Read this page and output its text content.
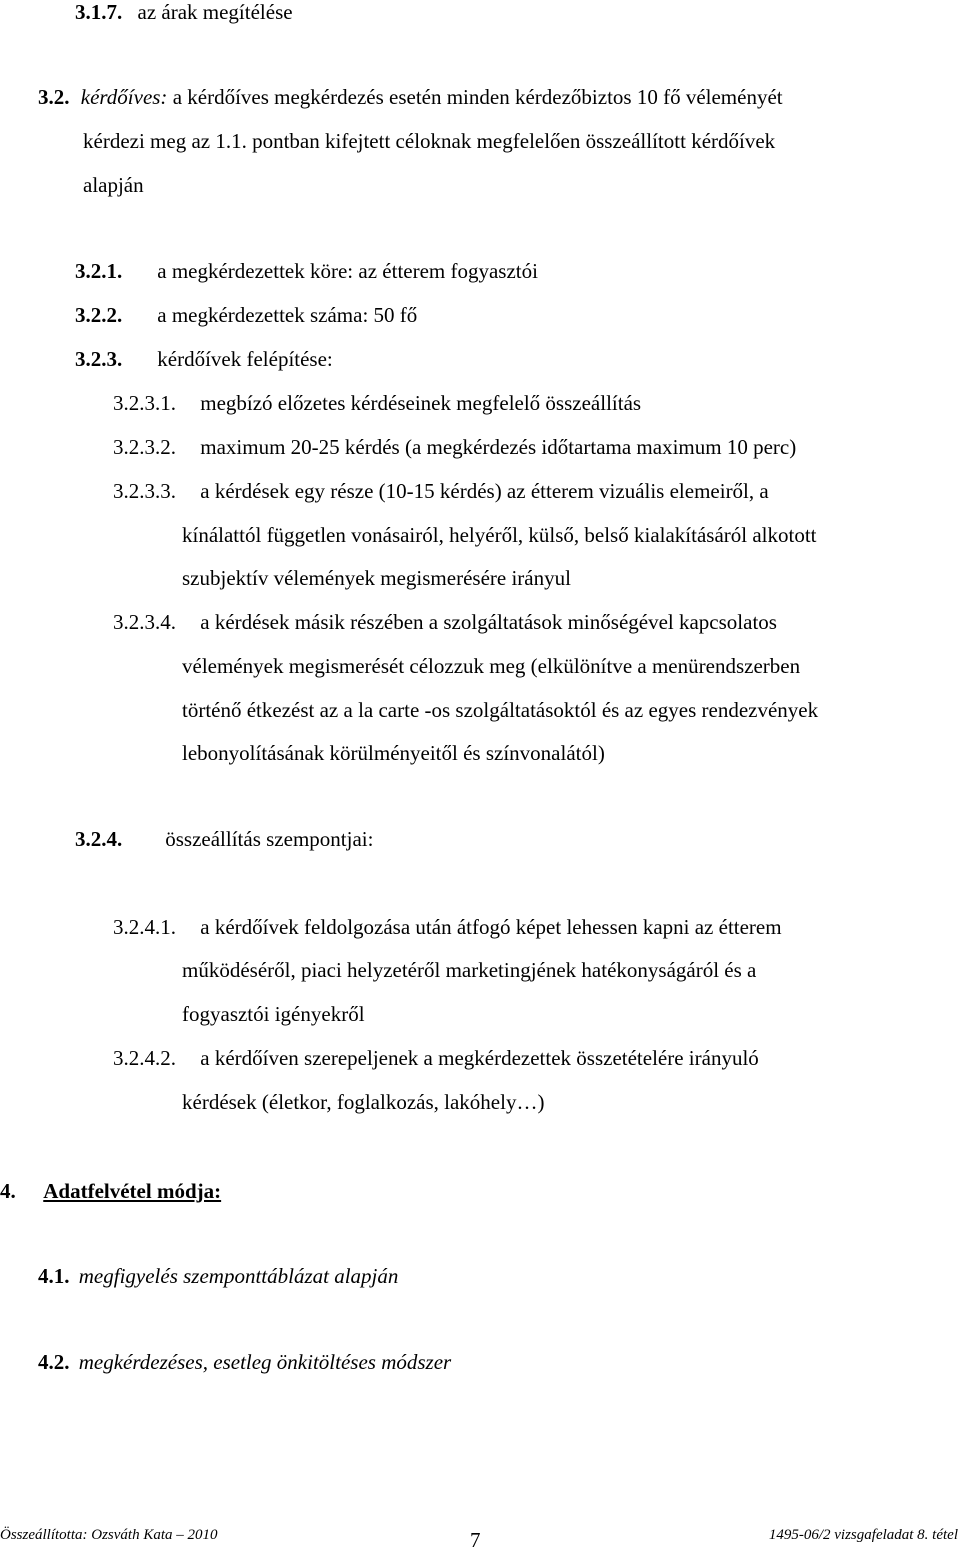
3.1.7. az árak megítélése
3.2. kérdőíves: a kérdőíves megkérdezés esetén minden kérdezőbiztos 10 fő véleményét
kérdezi meg az 1.1. pontban kifejtett céloknak megfelelően összeállított kérdőívek
alapján
3.2.1. a megkérdezettek köre: az étterem fogyasztói
3.2.2. a megkérdezettek száma: 50 fő
3.2.3. kérdőívek felépítése:
3.2.3.1. megbízó előzetes kérdéseinek megfelelő összeállítás
3.2.3.2. maximum 20-25 kérdés (a megkérdezés időtartama maximum 10 perc)
3.2.3.3. a kérdések egy része (10-15 kérdés) az étterem vizuális elemeiről, a
kínálattól független vonásairól, helyéről, külső, belső kialakításáról alkotott
szubjektív vélemények megismerésére irányul
3.2.3.4. a kérdések másik részében a szolgáltatások minőségével kapcsolatos
vélemények megismerését célozzuk meg (elkülönítve a menürendszerben
történő étkezést az a la carte -os szolgáltatásoktól és az egyes rendezvények
lebonyolításának körülményeitől és színvonalától)
3.2.4. összeállítás szempontjai:
3.2.4.1. a kérdőívek feldolgozása után átfogó képet lehessen kapni az étterem
működéséről, piaci helyzetéről marketingjének hatékonyságáról és a
fogyasztói igényekről
3.2.4.2. a kérdőíven szerepeljenek a megkérdezettek összetételére irányuló
kérdések (életkor, foglalkozás, lakóhely…)
4. Adatfelvétel módja:
4.1. megfigyelés szemponttáblázat alapján
4.2. megkérdezéses, esetleg önkitöltéses módszer
Összeállította: Ozsváth Kata – 2010	7	1495-06/2 vizsgafeladat 8. tétel
